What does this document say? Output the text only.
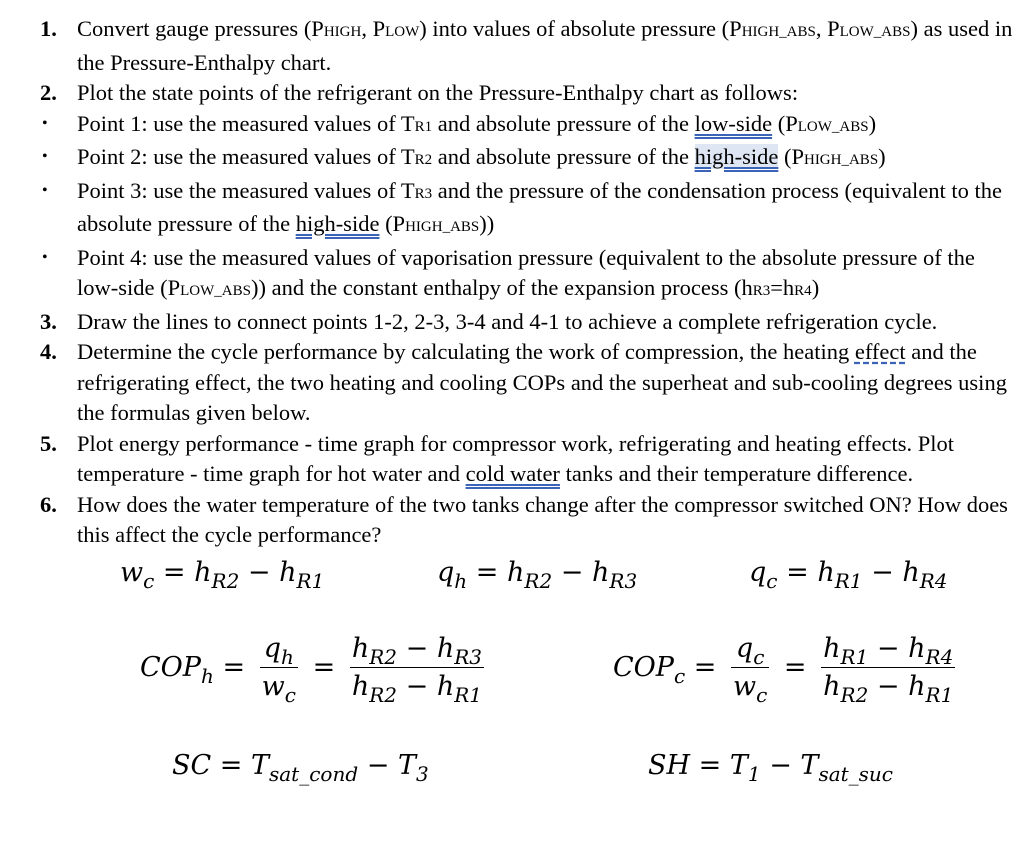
1. Convert gauge pressures (PHIGH, PLOW) into values of absolute pressure (PHIGH_ABS, PLOW_ABS) as used in the Pressure-Enthalpy chart.
2. Plot the state points of the refrigerant on the Pressure-Enthalpy chart as follows:
• Point 1: use the measured values of TR1 and absolute pressure of the low-side (PLOW_ABS)
• Point 2: use the measured values of TR2 and absolute pressure of the high-side (PHIGH_ABS)
• Point 3: use the measured values of TR3 and the pressure of the condensation process (equivalent to the absolute pressure of the high-side (PHIGH_ABS))
• Point 4: use the measured values of vaporisation pressure (equivalent to the absolute pressure of the low-side (PLOW_ABS)) and the constant enthalpy of the expansion process (hR3=hR4)
3. Draw the lines to connect points 1-2, 2-3, 3-4 and 4-1 to achieve a complete refrigeration cycle.
4. Determine the cycle performance by calculating the work of compression, the heating effect and the refrigerating effect, the two heating and cooling COPs and the superheat and sub-cooling degrees using the formulas given below.
5. Plot energy performance - time graph for compressor work, refrigerating and heating effects. Plot temperature - time graph for hot water and cold water tanks and their temperature difference.
6. How does the water temperature of the two tanks change after the compressor switched ON? How does this affect the cycle performance?
$w_c = h_{R2} - h_{R1}$	$q_h = h_{R2} - h_{R3}$	$q_c = h_{R1} - h_{R4}$
$COP_h = \frac{q_h}{w_c} = \frac{h_{R2} - h_{R3}}{h_{R2} - h_{R1}}$	$COP_c = \frac{q_c}{w_c} = \frac{h_{R1} - h_{R4}}{h_{R2} - h_{R1}}$
SC = $T_{sat\_cond} - T_3$	SH = $T_1 - T_{sat\_suc}$
